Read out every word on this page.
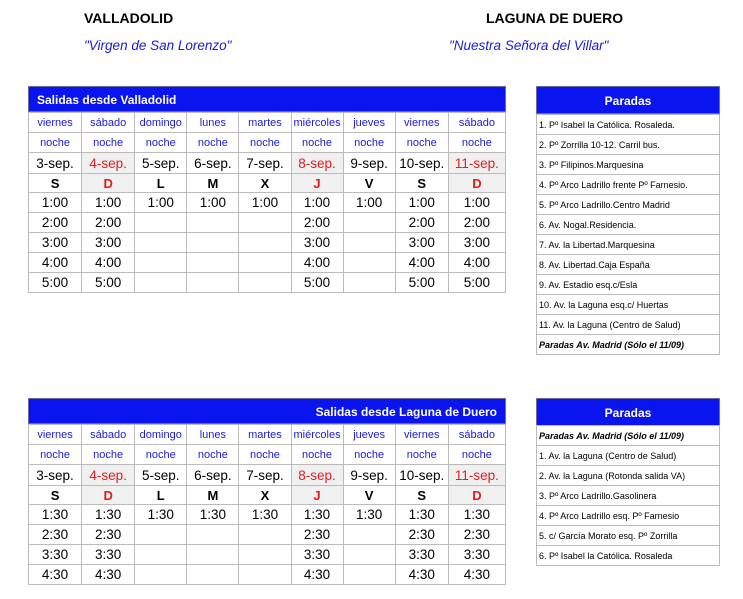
VALLADOLID
"Virgen de San Lorenzo"
LAGUNA DE DUERO
"Nuestra Señora del Villar"
Salidas desde Valladolid
viernes	sábado	domingo	lunes	martes	miércoles	jueves	viernes	sábado
noche	noche	noche	noche	noche	noche	noche	noche	noche
3-sep.	4-sep.	5-sep.	6-sep.	7-sep.	8-sep.	9-sep.	10-sep.	11-sep.
S	D	L	M	X	J	V	S	D
1:00	1:00	1:00	1:00	1:00	1:00	1:00	1:00	1:00
2:00	2:00				2:00		2:00	2:00
3:00	3:00				3:00		3:00	3:00
4:00	4:00				4:00		4:00	4:00
5:00	5:00				5:00		5:00	5:00
Paradas
1. Pº Isabel la Católica. Rosaleda.
2. Pº Zorrilla 10-12. Carril bus.
3. Pº Filipinos.Marquesina
4. Pº Arco Ladrillo frente Pº Farnesio.
5. Pº Arco Ladrillo.Centro Madrid
6. Av. Nogal.Residencia.
7. Av. la Libertad.Marquesina
8. Av. Libertad.Caja España
9. Av. Estadio esq.c/Esla
10. Av. la Laguna esq.c/ Huertas
11. Av. la Laguna (Centro de Salud)
Paradas Av. Madrid (Sólo el 11/09)
Salidas desde Laguna de Duero
viernes	sábado	domingo	lunes	martes	miércoles	jueves	viernes	sábado
noche	noche	noche	noche	noche	noche	noche	noche	noche
3-sep.	4-sep.	5-sep.	6-sep.	7-sep.	8-sep.	9-sep.	10-sep.	11-sep.
S	D	L	M	X	J	V	S	D
1:30	1:30	1:30	1:30	1:30	1:30	1:30	1:30	1:30
2:30	2:30				2:30		2:30	2:30
3:30	3:30				3:30		3:30	3:30
4:30	4:30				4:30		4:30	4:30
Paradas
Paradas Av. Madrid (Sólo el 11/09)
1. Av. la Laguna (Centro de Salud)
2. Av. la Laguna (Rotonda salida VA)
3. Pº Arco Ladrillo.Gasolinera
4. Pº Arco Ladrillo esq. Pº Farnesio
5. c/ García Morato esq. Pº Zorrilla
6. Pº Isabel la Católica. Rosaleda
